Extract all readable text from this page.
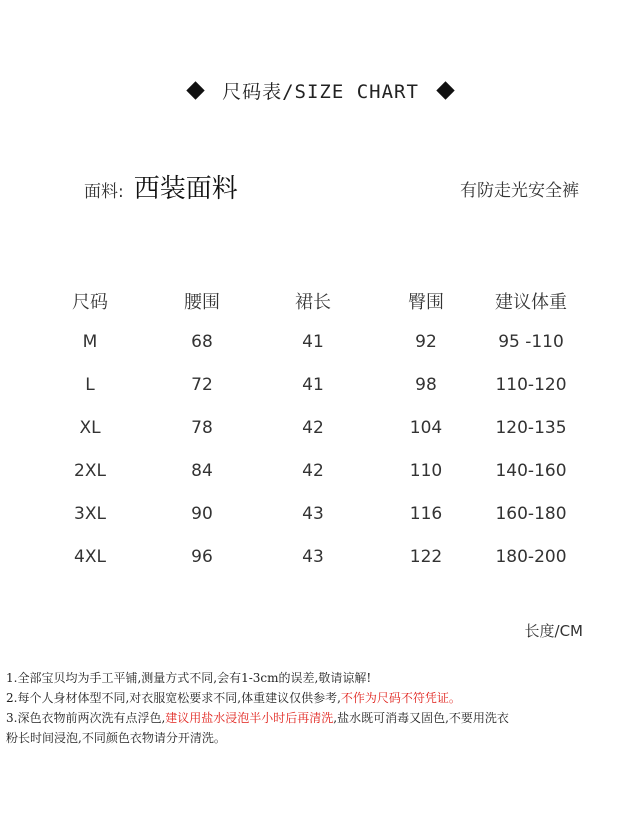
尺码表/SIZE CHART
面料: 西装面料	有防走光安全裤
尺码	腰围	裙长	臀围	建议体重
M	68	41	92	95 -110
L	72	41	98	110-120
XL	78	42	104	120-135
2XL	84	42	110	140-160
3XL	90	43	116	160-180
4XL	96	43	122	180-200
长度/CM
1.全部宝贝均为手工平铺,测量方式不同,会有1-3cm的误差,敬请谅解!
2.每个人身材体型不同,对衣服宽松要求不同,体重建议仅供参考,不作为尺码不符凭证。
3.深色衣物前两次洗有点浮色,建议用盐水浸泡半小时后再清洗,盐水既可消毒又固色,不要用洗衣
粉长时间浸泡,不同颜色衣物请分开清洗。
